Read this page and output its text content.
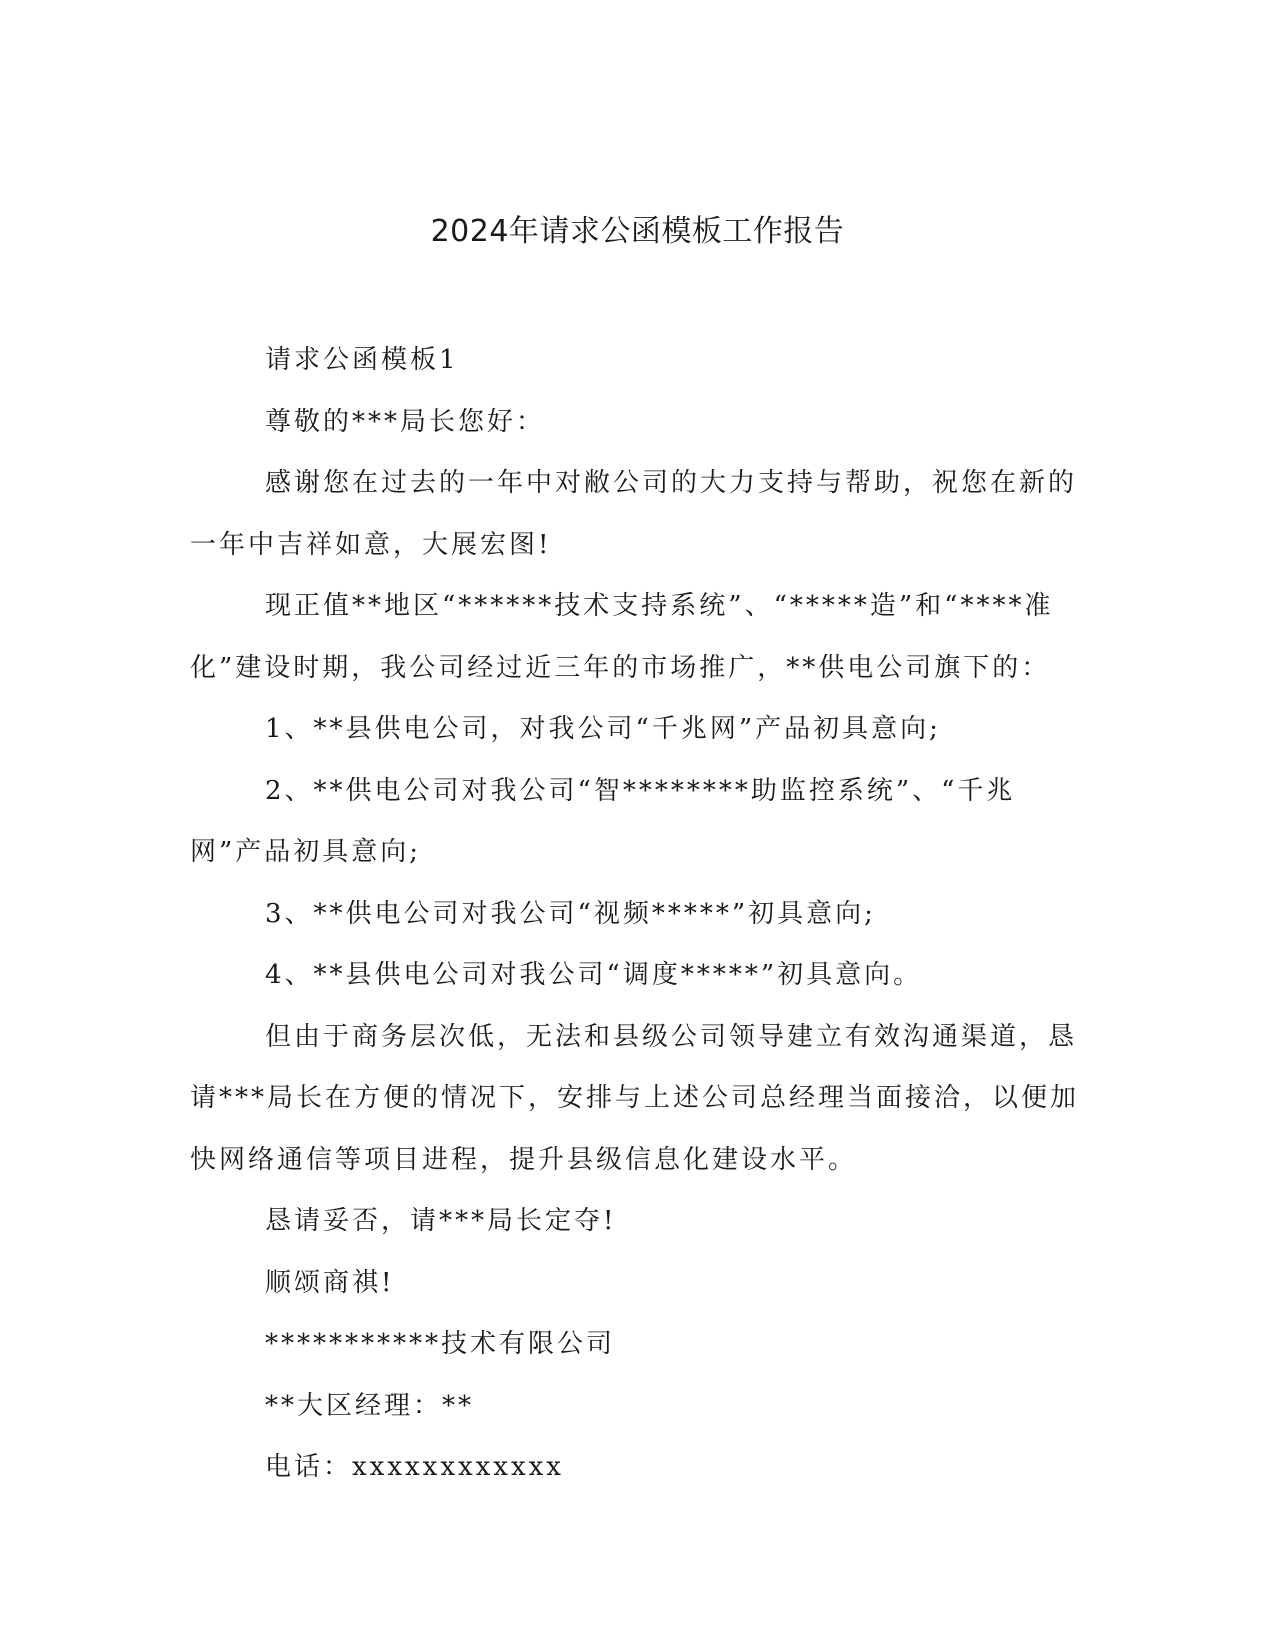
2024年请求公函模板工作报告

请求公函模板1

尊敬的***局长您好：

感谢您在过去的一年中对敝公司的大力支持与帮助，祝您在新的一年中吉祥如意，大展宏图!

现正值**地区“******技术支持系统”、“*****造”和“****准化”建设时期，我公司经过近三年的市场推广，**供电公司旗下的：

1、**县供电公司，对我公司“千兆网”产品初具意向;

2、**供电公司对我公司“智********助监控系统”、“千兆网”产品初具意向;

3、**供电公司对我公司“视频*****”初具意向;

4、**县供电公司对我公司“调度*****”初具意向。

但由于商务层次低，无法和县级公司领导建立有效沟通渠道，恳请***局长在方便的情况下，安排与上述公司总经理当面接洽，以便加快网络通信等项目进程，提升县级信息化建设水平。

恳请妥否，请***局长定夺!

顺颂商祺!

***********技术有限公司

**大区经理：**

电话：xxxxxxxxxxxx
